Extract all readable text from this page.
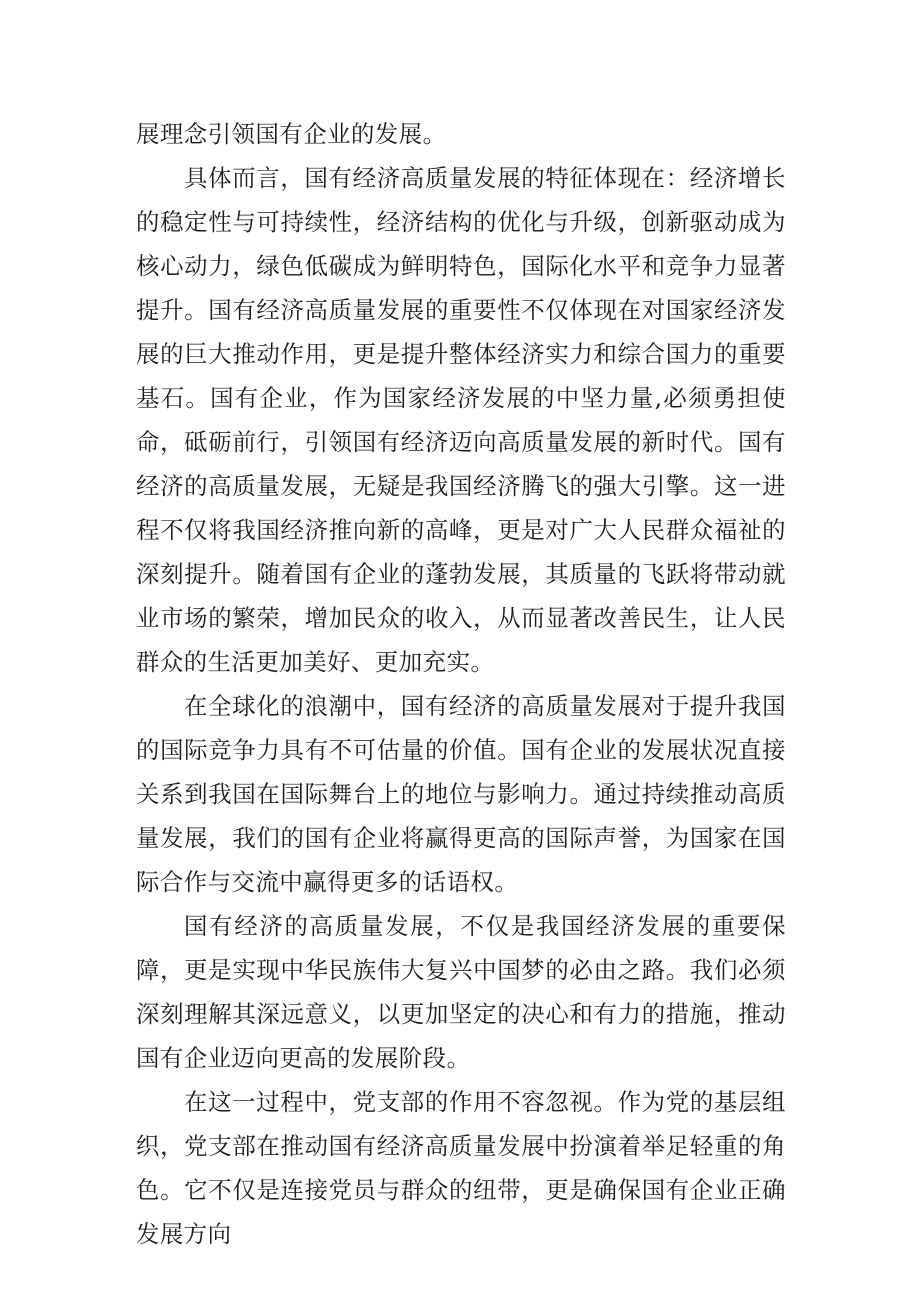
展理念引领国有企业的发展。

具体而言，国有经济高质量发展的特征体现在：经济增长的稳定性与可持续性，经济结构的优化与升级，创新驱动成为核心动力，绿色低碳成为鲜明特色，国际化水平和竞争力显著提升。国有经济高质量发展的重要性不仅体现在对国家经济发展的巨大推动作用，更是提升整体经济实力和综合国力的重要基石。国有企业，作为国家经济发展的中坚力量,必须勇担使命，砥砺前行，引领国有经济迈向高质量发展的新时代。国有经济的高质量发展，无疑是我国经济腾飞的强大引擎。这一进程不仅将我国经济推向新的高峰，更是对广大人民群众福祉的深刻提升。随着国有企业的蓬勃发展，其质量的飞跃将带动就业市场的繁荣，增加民众的收入，从而显著改善民生，让人民群众的生活更加美好、更加充实。

在全球化的浪潮中，国有经济的高质量发展对于提升我国的国际竞争力具有不可估量的价值。国有企业的发展状况直接关系到我国在国际舞台上的地位与影响力。通过持续推动高质量发展，我们的国有企业将赢得更高的国际声誉，为国家在国际合作与交流中赢得更多的话语权。

国有经济的高质量发展，不仅是我国经济发展的重要保障，更是实现中华民族伟大复兴中国梦的必由之路。我们必须深刻理解其深远意义，以更加坚定的决心和有力的措施，推动国有企业迈向更高的发展阶段。

在这一过程中，党支部的作用不容忽视。作为党的基层组织，党支部在推动国有经济高质量发展中扮演着举足轻重的角色。它不仅是连接党员与群众的纽带，更是确保国有企业正确发展方向
